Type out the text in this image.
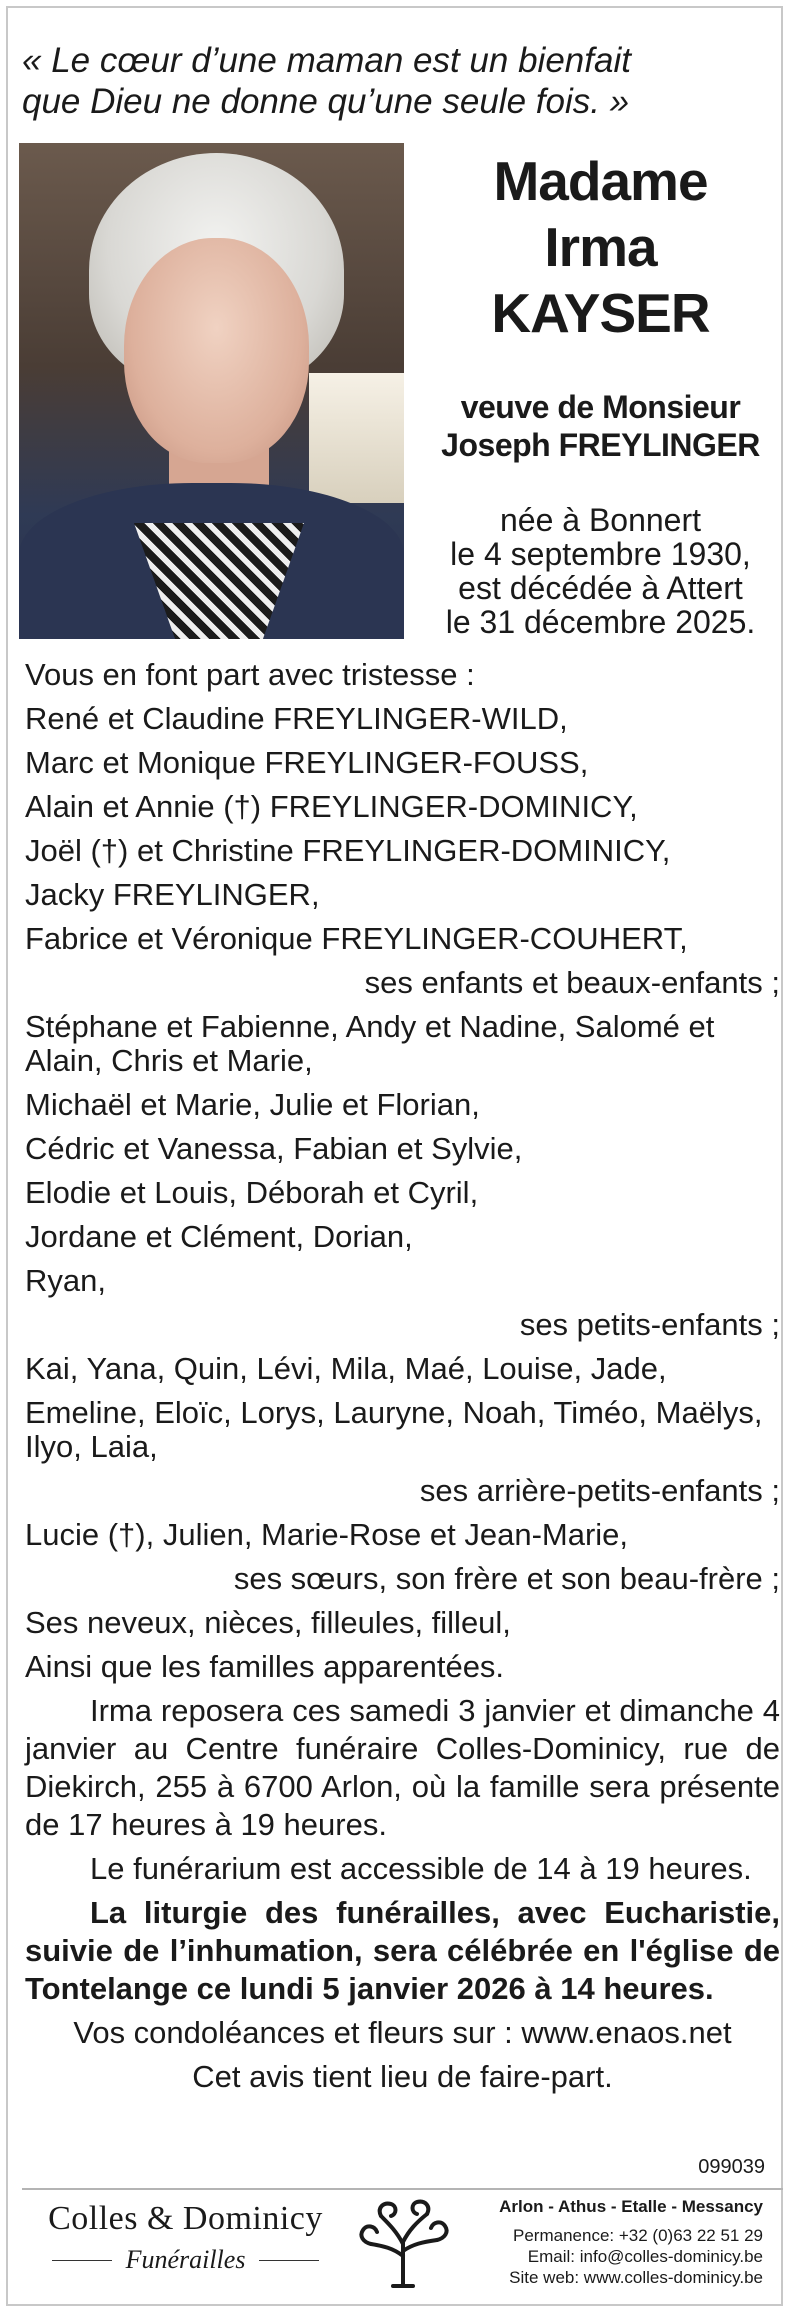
« Le cœur d’une maman est un bienfait
que Dieu ne donne qu’une seule fois. »
Madame
Irma
KAYSER
veuve de Monsieur
Joseph FREYLINGER
née à Bonnert
le 4 septembre 1930,
est décédée à Attert
le 31 décembre 2025.
Vous en font part avec tristesse :
René et Claudine FREYLINGER-WILD,
Marc et Monique FREYLINGER-FOUSS,
Alain et Annie (†) FREYLINGER-DOMINICY,
Joël (†) et Christine FREYLINGER-DOMINICY,
Jacky FREYLINGER,
Fabrice et Véronique FREYLINGER-COUHERT,
ses enfants et beaux-enfants ;
Stéphane et Fabienne, Andy et Nadine, Salomé et Alain, Chris et Marie,
Michaël et Marie, Julie et Florian,
Cédric et Vanessa, Fabian et Sylvie,
Elodie et Louis, Déborah et Cyril,
Jordane et Clément, Dorian,
Ryan,
ses petits-enfants ;
Kai, Yana, Quin, Lévi, Mila, Maé, Louise, Jade,
Emeline, Eloïc, Lorys, Lauryne, Noah, Timéo, Maëlys, Ilyo, Laia,
ses arrière-petits-enfants ;
Lucie (†), Julien, Marie-Rose et Jean-Marie,
ses sœurs, son frère et son beau-frère ;
Ses neveux, nièces, filleules, filleul,
Ainsi que les familles apparentées.
Irma reposera ces samedi 3 janvier et dimanche 4 janvier au Centre funéraire Colles-Dominicy, rue de Diekirch, 255 à 6700 Arlon, où la famille sera présente de 17 heures à 19 heures.
Le funérarium est accessible de 14 à 19 heures.
La liturgie des funérailles, avec Eucharistie, suivie de l’inhumation, sera célébrée en l'église de Tontelange ce lundi 5 janvier 2026 à 14 heures.
Vos condoléances et fleurs sur : www.enaos.net
Cet avis tient lieu de faire-part.
099039
Colles & Dominicy
Funérailles
Arlon - Athus - Etalle - Messancy
Permanence: +32 (0)63 22 51 29
Email: info@colles-dominicy.be
Site web: www.colles-dominicy.be
